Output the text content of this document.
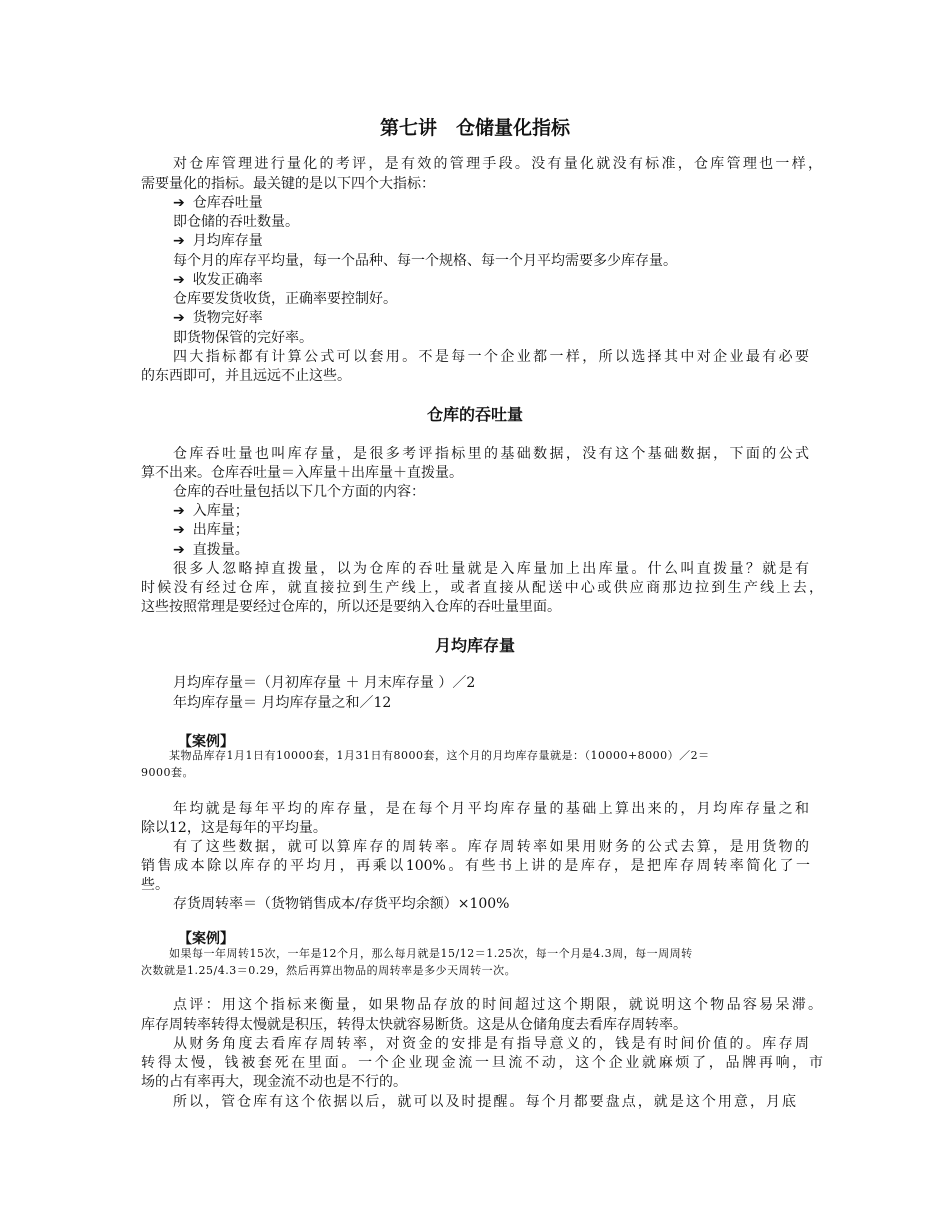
第七讲　仓储量化指标
对仓库管理进行量化的考评，是有效的管理手段。没有量化就没有标准，仓库管理也一样，
需要量化的指标。最关键的是以下四个大指标：
➔ 仓库吞吐量
即仓储的吞吐数量。
➔ 月均库存量
每个月的库存平均量，每一个品种、每一个规格、每一个月平均需要多少库存量。
➔ 收发正确率
仓库要发货收货，正确率要控制好。
➔ 货物完好率
即货物保管的完好率。
四大指标都有计算公式可以套用。不是每一个企业都一样，所以选择其中对企业最有必要
的东西即可，并且远远不止这些。
仓库的吞吐量
仓库吞吐量也叫库存量，是很多考评指标里的基础数据，没有这个基础数据，下面的公式
算不出来。仓库吞吐量＝入库量＋出库量＋直拨量。
仓库的吞吐量包括以下几个方面的内容：
➔ 入库量；
➔ 出库量；
➔ 直拨量。
很多人忽略掉直拨量，以为仓库的吞吐量就是入库量加上出库量。什么叫直拨量？就是有
时候没有经过仓库，就直接拉到生产线上，或者直接从配送中心或供应商那边拉到生产线上去，
这些按照常理是要经过仓库的，所以还是要纳入仓库的吞吐量里面。
月均库存量
月均库存量＝（月初库存量 ＋ 月末库存量 ）／2
年均库存量＝ 月均库存量之和／12
【案例】
某物品库存1月1日有10000套，1月31日有8000套，这个月的月均库存量就是：（10000+8000）／2＝
9000套。
年均就是每年平均的库存量，是在每个月平均库存量的基础上算出来的，月均库存量之和
除以12，这是每年的平均量。
有了这些数据，就可以算库存的周转率。库存周转率如果用财务的公式去算，是用货物的
销售成本除以库存的平均月，再乘以100%。有些书上讲的是库存，是把库存周转率简化了一
些。
存货周转率＝（货物销售成本/存货平均余额）×100%
【案例】
如果每一年周转15次，一年是12个月，那么每月就是15/12＝1.25次，每一个月是4.3周，每一周周转
次数就是1.25/4.3＝0.29，然后再算出物品的周转率是多少天周转一次。
点评：用这个指标来衡量，如果物品存放的时间超过这个期限，就说明这个物品容易呆滞。
库存周转率转得太慢就是积压，转得太快就容易断货。这是从仓储角度去看库存周转率。
从财务角度去看库存周转率，对资金的安排是有指导意义的，钱是有时间价值的。库存周
转得太慢，钱被套死在里面。一个企业现金流一旦流不动，这个企业就麻烦了，品牌再响，市
场的占有率再大，现金流不动也是不行的。
所以，管仓库有这个依据以后，就可以及时提醒。每个月都要盘点，就是这个用意，月底
